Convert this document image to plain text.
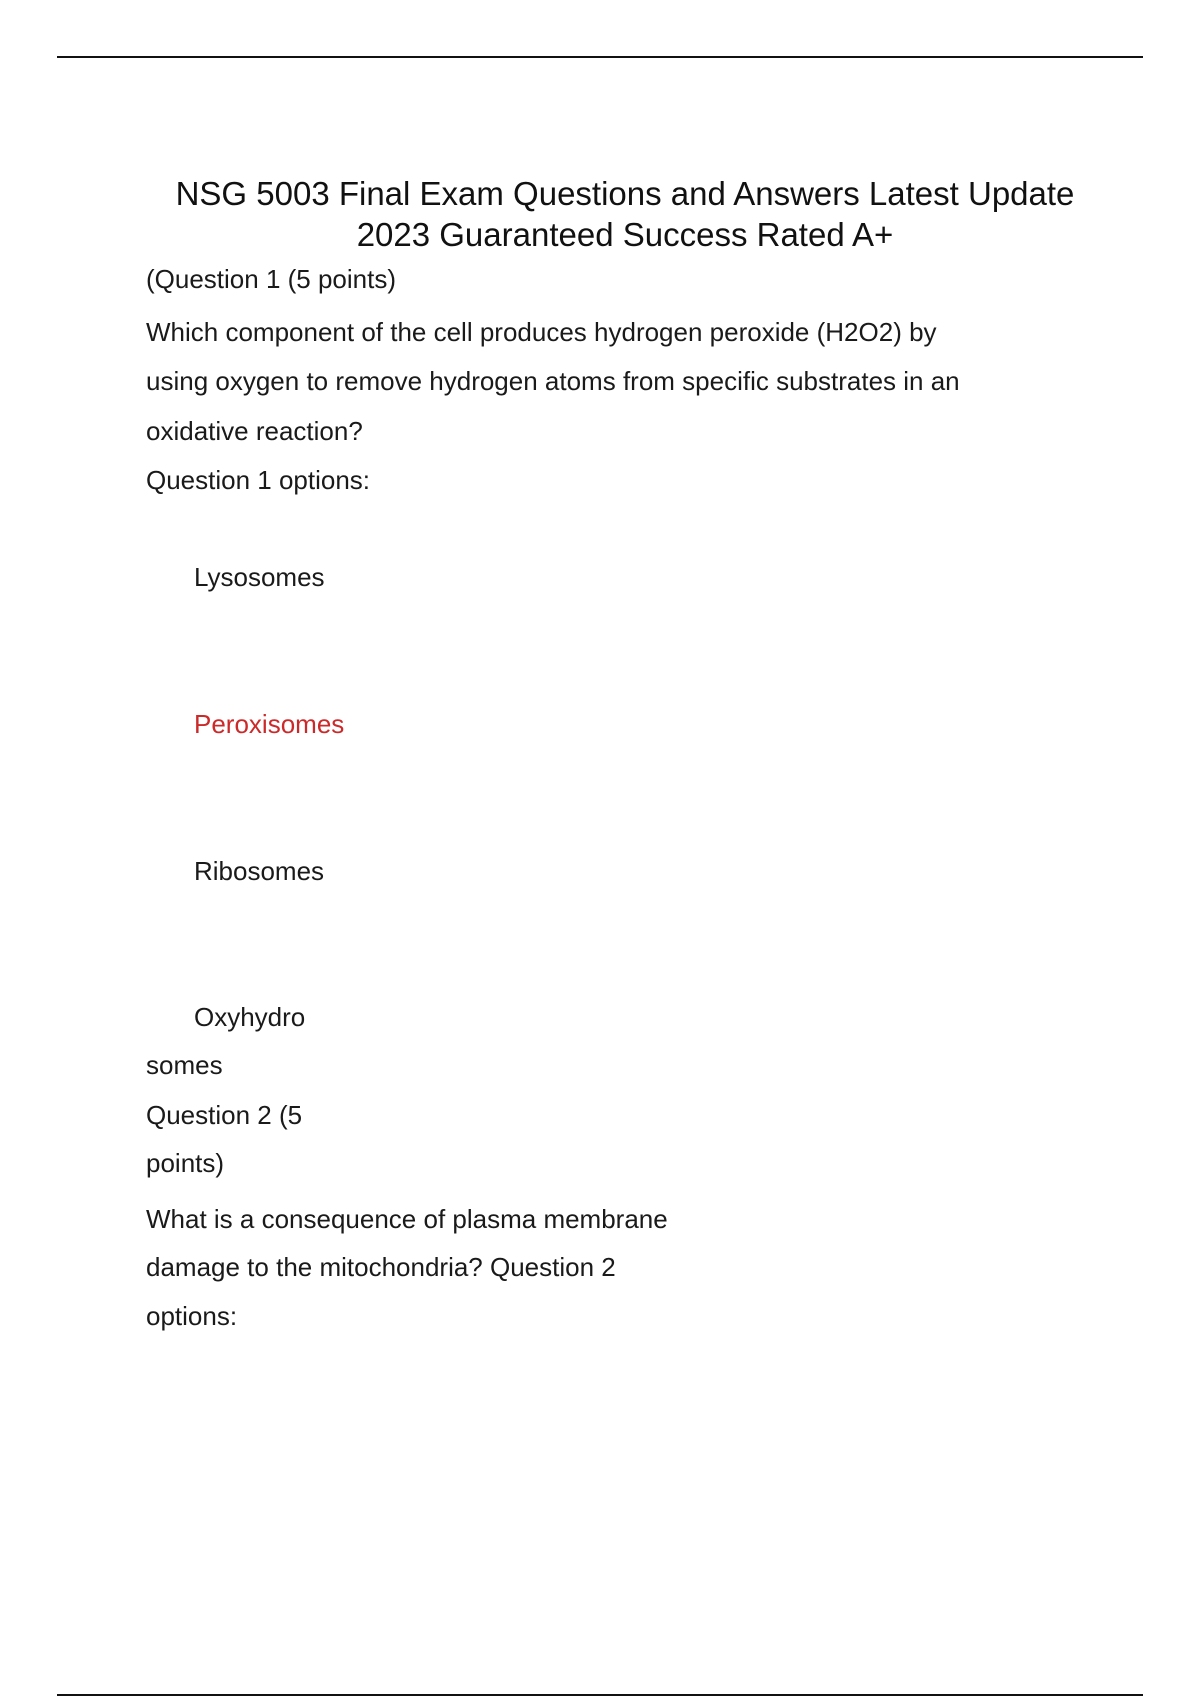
NSG 5003 Final Exam Questions and Answers Latest Update
2023 Guaranteed Success Rated A+
(Question 1 (5 points)
Which component of the cell produces hydrogen peroxide (H2O2) by
using oxygen to remove hydrogen atoms from specific substrates in an
oxidative reaction?
Question 1 options:
Lysosomes
Peroxisomes
Ribosomes
Oxyhydro
somes
Question 2 (5
points)
What is a consequence of plasma membrane
damage to the mitochondria? Question 2
options:
